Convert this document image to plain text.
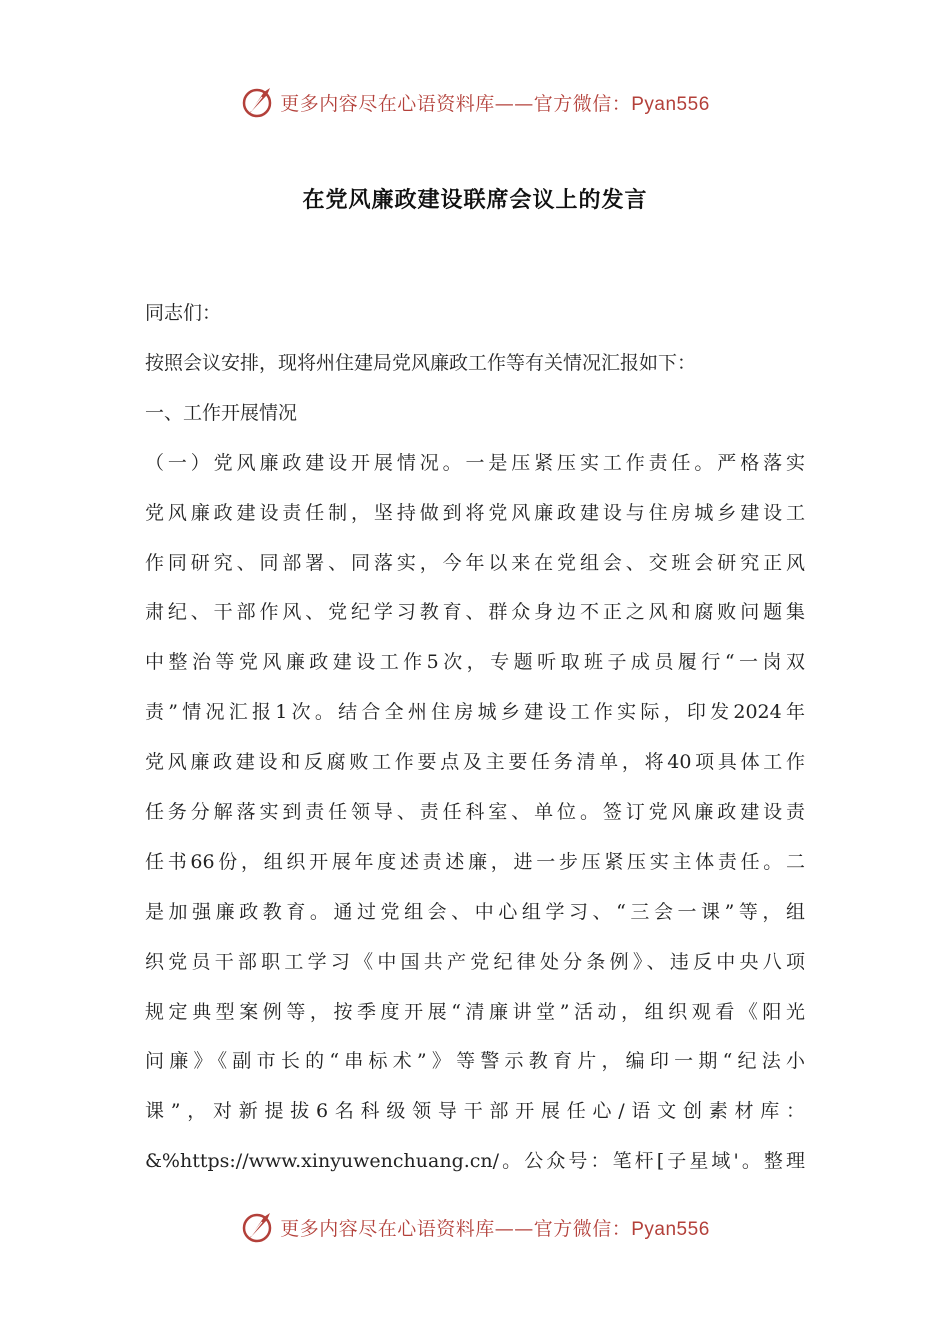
更多内容尽在心语资料库——官方微信：Pyan556
在党风廉政建设联席会议上的发言
同志们：
按照会议安排，现将州住建局党风廉政工作等有关情况汇报如下：
一、工作开展情况
（一）党风廉政建设开展情况。一是压紧压实工作责任。严格落实
党风廉政建设责任制，坚持做到将党风廉政建设与住房城乡建设工
作同研究、同部署、同落实，今年以来在党组会、交班会研究正风
肃纪、干部作风、党纪学习教育、群众身边不正之风和腐败问题集
中整治等党风廉政建设工作5次，专题听取班子成员履行“一岗双
责”情况汇报1次。结合全州住房城乡建设工作实际，印发2024年
党风廉政建设和反腐败工作要点及主要任务清单，将40项具体工作
任务分解落实到责任领导、责任科室、单位。签订党风廉政建设责
任书66份，组织开展年度述责述廉，进一步压紧压实主体责任。二
是加强廉政教育。通过党组会、中心组学习、“三会一课”等，组
织党员干部职工学习《中国共产党纪律处分条例》、违反中央八项
规定典型案例等，按季度开展“清廉讲堂”活动，组织观看《阳光
问廉》《副市长的“串标术”》等警示教育片，编印一期“纪法小
课”，对新提拔6名科级领导干部开展任心/语文创素材库：
&%https://www.xinyuwenchuang.cn/。公众号：笔杆[子星域'。整理
更多内容尽在心语资料库——官方微信：Pyan556
